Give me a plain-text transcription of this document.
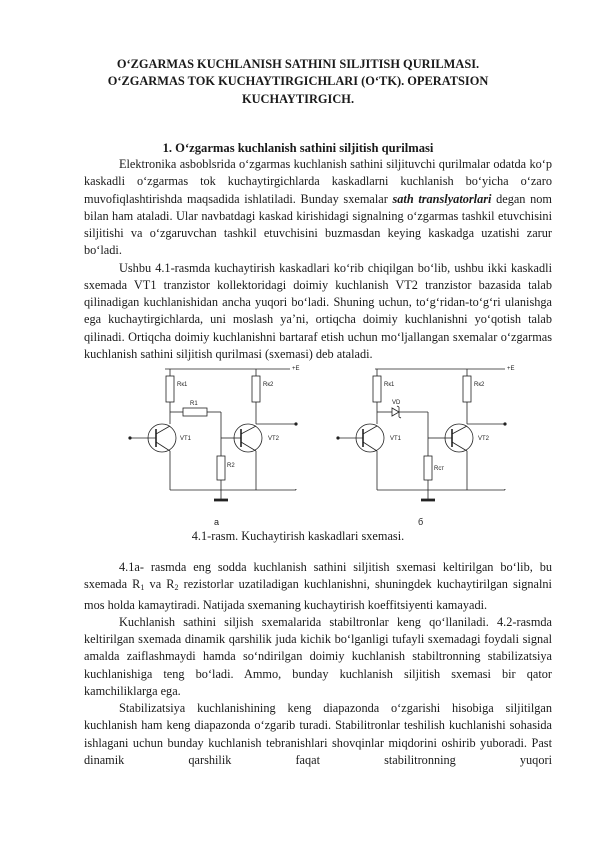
O‘ZGARMAS KUCHLANISH SATHINI SILJITISH QURILMASI.
O‘ZGARMAS TOK KUCHAYTIRGICHLARI (O‘TK). OPERATSION
KUCHAYTIRGICH.
1. O‘zgarmas kuchlanish sathini siljitish qurilmasi

Elektronika asboblsrida o‘zgarmas kuchlanish sathini siljituvchi qurilmalar odatda ko‘p kaskadli o‘zgarmas tok kuchaytirgichlarda kaskadlarni kuchlanish bo‘yicha o‘zaro muvofiqlashtirishda maqsadida ishlatiladi. Bunday sxemalar sath translyatorlari degan nom bilan ham ataladi. Ular navbatdagi kaskad kirishidagi signalning o‘zgarmas tashkil etuvchisini siljitishi va o‘zgaruvchan tashkil etuvchisini buzmasdan keying kaskadga uzatishi zarur bo‘ladi.

Ushbu 4.1-rasmda kuchaytirish kaskadlari ko‘rib chiqilgan bo‘lib, ushbu ikki kaskadli sxemada VT1 tranzistor kollektoridagi doimiy kuchlanish VT2 tranzistor bazasida talab qilinadigan kuchlanishidan ancha yuqori bo‘ladi. Shuning uchun, to‘g‘ridan-to‘g‘ri ulanishga ega kuchaytirgichlarda, uni moslash ya’ni, ortiqcha doimiy kuchlanishni yo‘qotish talab qilinadi. Ortiqcha doimiy kuchlanishni bartaraf etish uchun mo‘ljallangan sxemalar o‘zgarmas kuchlanish sathini siljitish qurilmasi (sxemasi) deb ataladi.

+E
Rк1	Rк2
R1
VT1
R2
VT2
-
а
+E
Rк1	Rк2
VD
VT1
Rст
VT2
-
б
4.1-rasm. Kuchaytirish kaskadlari sxemasi.

4.1a- rasmda eng sodda kuchlanish sathini siljitish sxemasi keltirilgan bo‘lib, bu sxemada $R_1$ va $R_2$ rezistorlar uzatiladigan kuchlanishni, shuningdek kuchaytirilgan signalni mos holda kamaytiradi. Natijada sxemaning kuchaytirish koeffitsiyenti kamayadi.

Kuchlanish sathini siljish sxemalarida stabiltronlar keng qo‘llaniladi. 4.2-rasmda keltirilgan sxemada dinamik qarshilik juda kichik bo‘lganligi tufayli sxemadagi foydali signal amalda zaiflashmaydi hamda so‘ndirilgan doimiy kuchlanish stabiltronning stabilizatsiya kuchlanishiga teng bo‘ladi. Ammo, bunday kuchlanish siljitish sxemasi bir qator kamchiliklarga ega.

Stabilizatsiya kuchlanishining keng diapazonda o‘zgarishi hisobiga siljitilgan kuchlanish ham keng diapazonda o‘zgarib turadi. Stabilitronlar teshilish kuchlanishi sohasida ishlagani uchun bunday kuchlanish tebranishlari shovqinlar miqdorini oshirib yuboradi. Past dinamik qarshilik faqat stabilitronning yuqori
